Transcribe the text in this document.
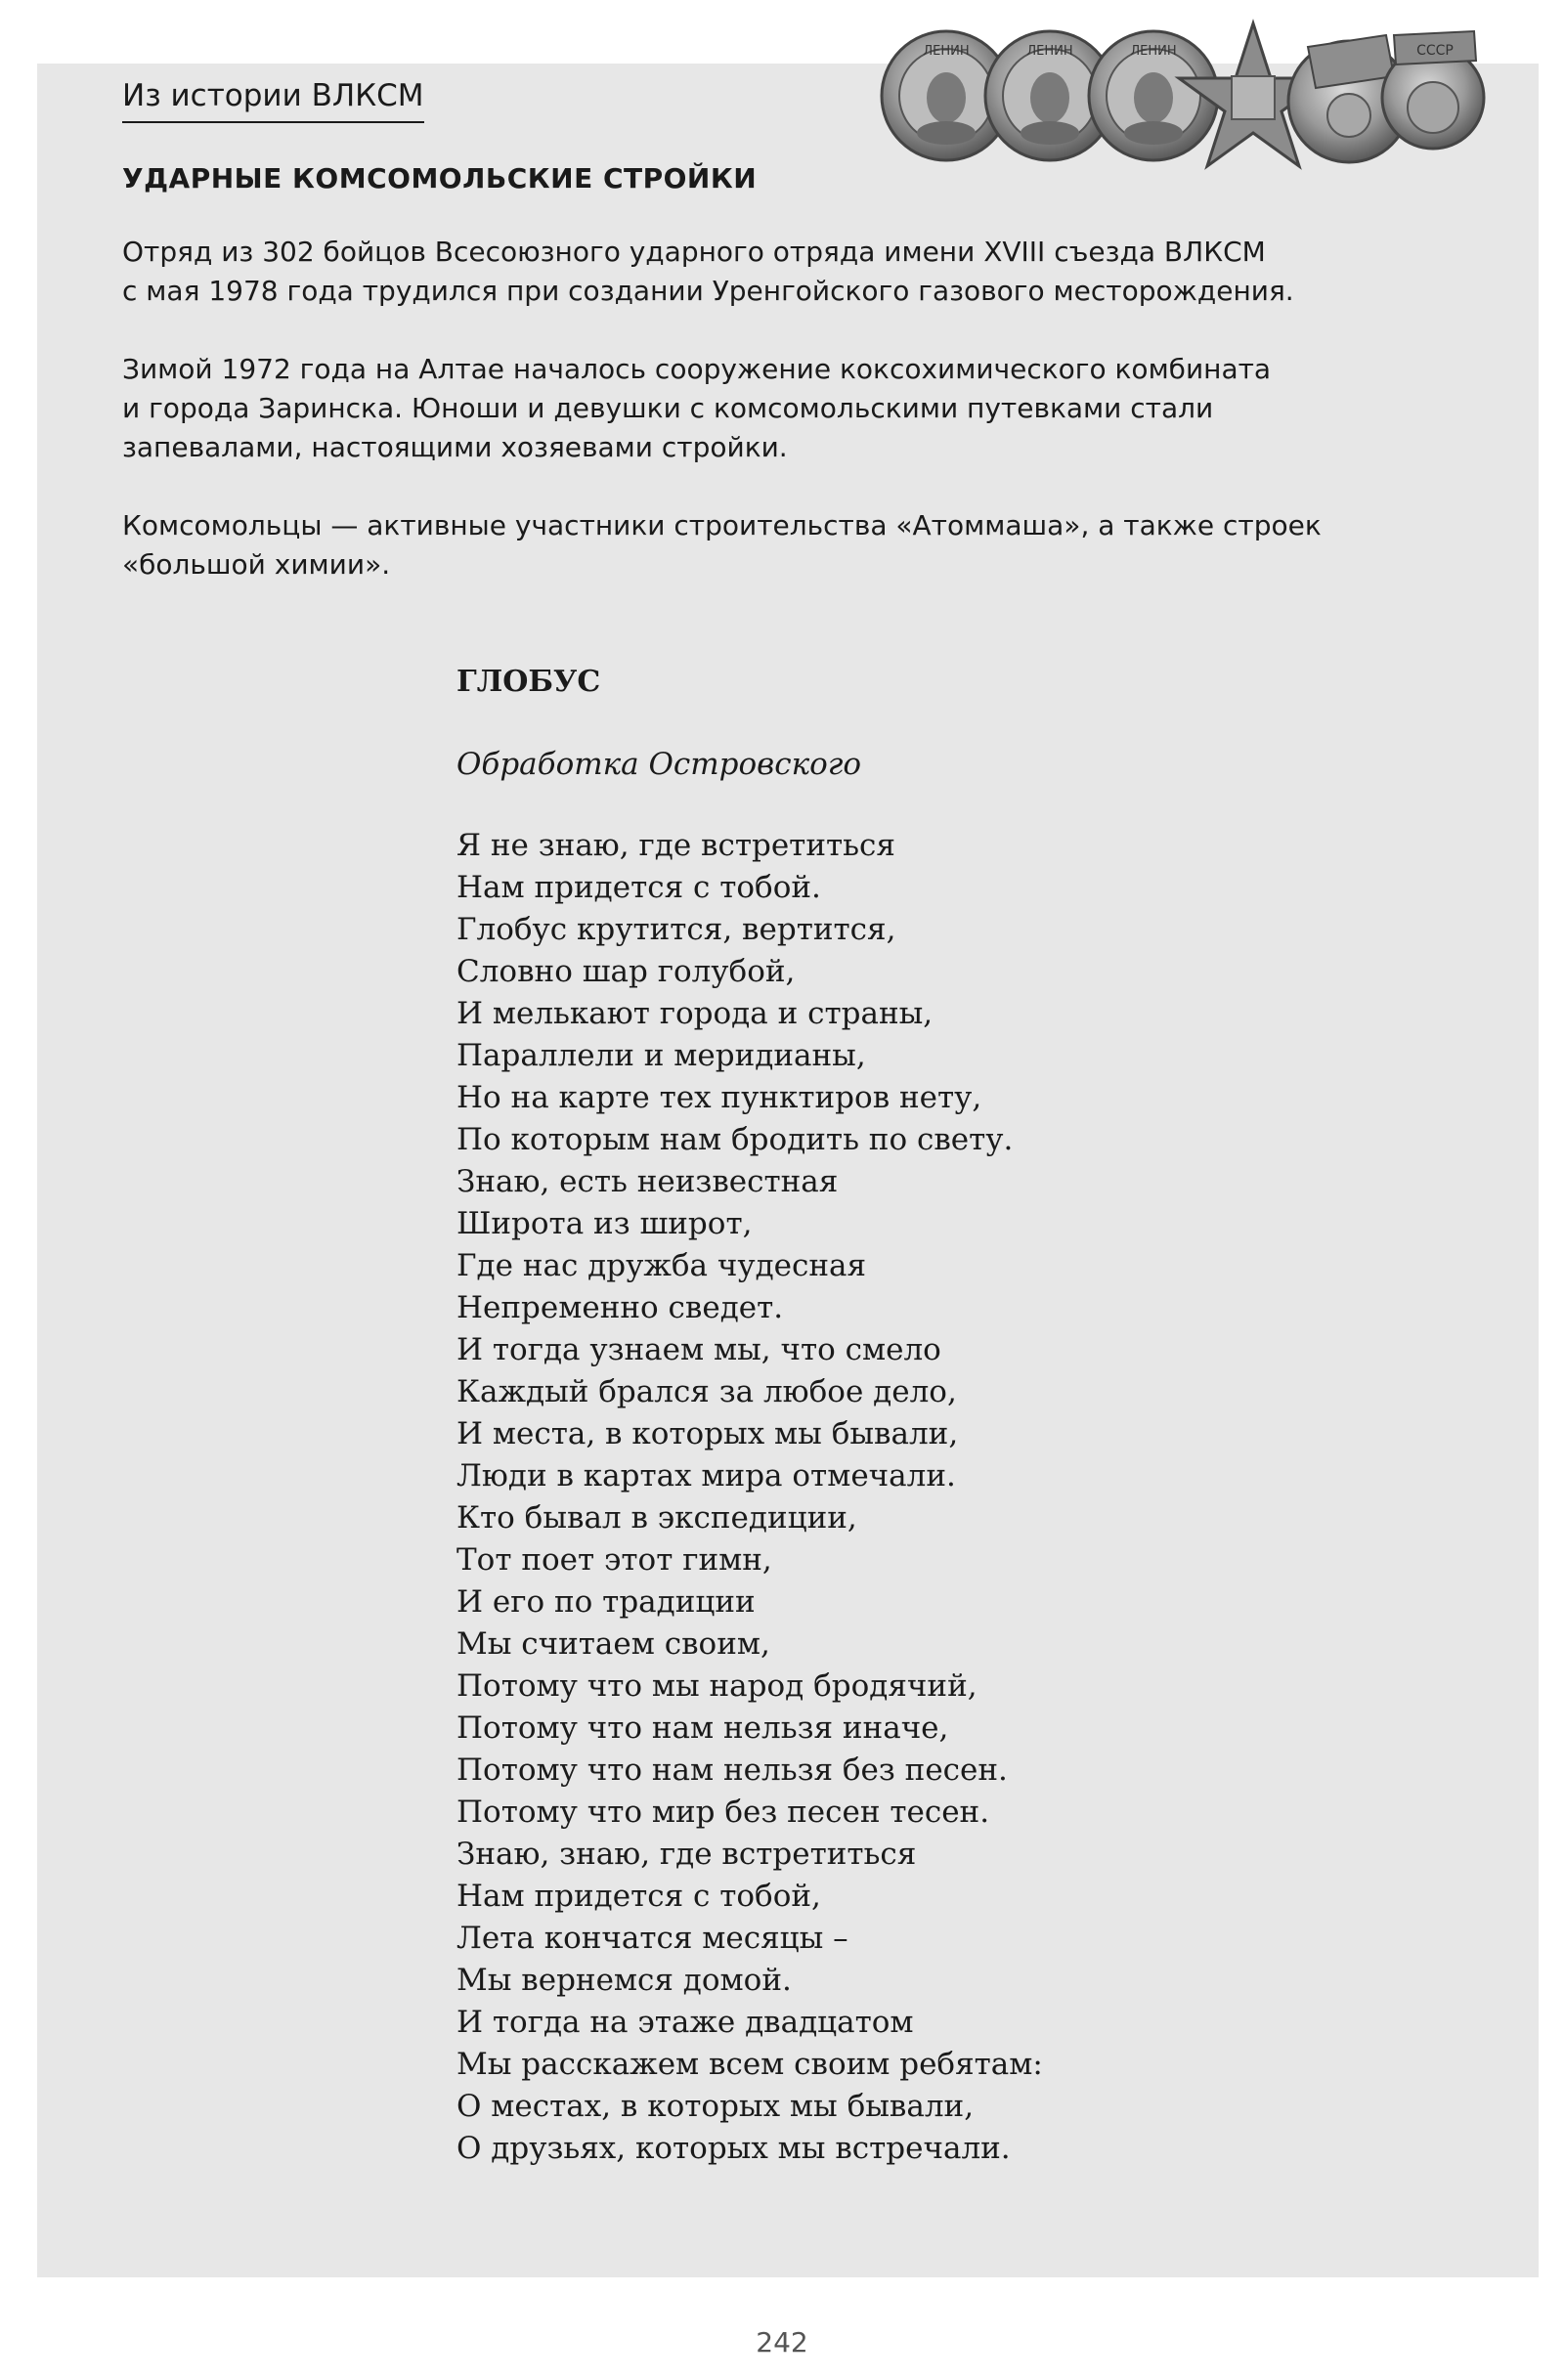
Из истории ВЛКСМ
ЛЕНИН	ЛЕНИН	ЛЕНИН	СССР
УДАРНЫЕ КОМСОМОЛЬСКИЕ СТРОЙКИ

Отряд из 302 бойцов Всесоюзного ударного отряда имени XVIII съезда ВЛКСМ
с мая 1978 года трудился при создании Уренгойского газового месторождения.

Зимой 1972 года на Алтае началось сооружение коксохимического комбината
и города Заринска. Юноши и девушки с комсомольскими путевками стали
запевалами, настоящими хозяевами стройки.

Комсомольцы — активные участники строительства «Атоммаша», а также строек
«большой химии».

ГЛОБУС

Обработка Островского

Я не знаю, где встретиться
Нам придется с тобой.
Глобус крутится, вертится,
Словно шар голубой,
И мелькают города и страны,
Параллели и меридианы,
Но на карте тех пунктиров нету,
По которым нам бродить по свету.
Знаю, есть неизвестная
Широта из широт,
Где нас дружба чудесная
Непременно сведет.
И тогда узнаем мы, что смело
Каждый брался за любое дело,
И места, в которых мы бывали,
Люди в картах мира отмечали.
Кто бывал в экспедиции,
Тот поет этот гимн,
И его по традиции
Мы считаем своим,
Потому что мы народ бродячий,
Потому что нам нельзя иначе,
Потому что нам нельзя без песен.
Потому что мир без песен тесен.
Знаю, знаю, где встретиться
Нам придется с тобой,
Лета кончатся месяцы –
Мы вернемся домой.
И тогда на этаже двадцатом
Мы расскажем всем своим ребятам:
О местах, в которых мы бывали,
О друзьях, которых мы встречали.
242
